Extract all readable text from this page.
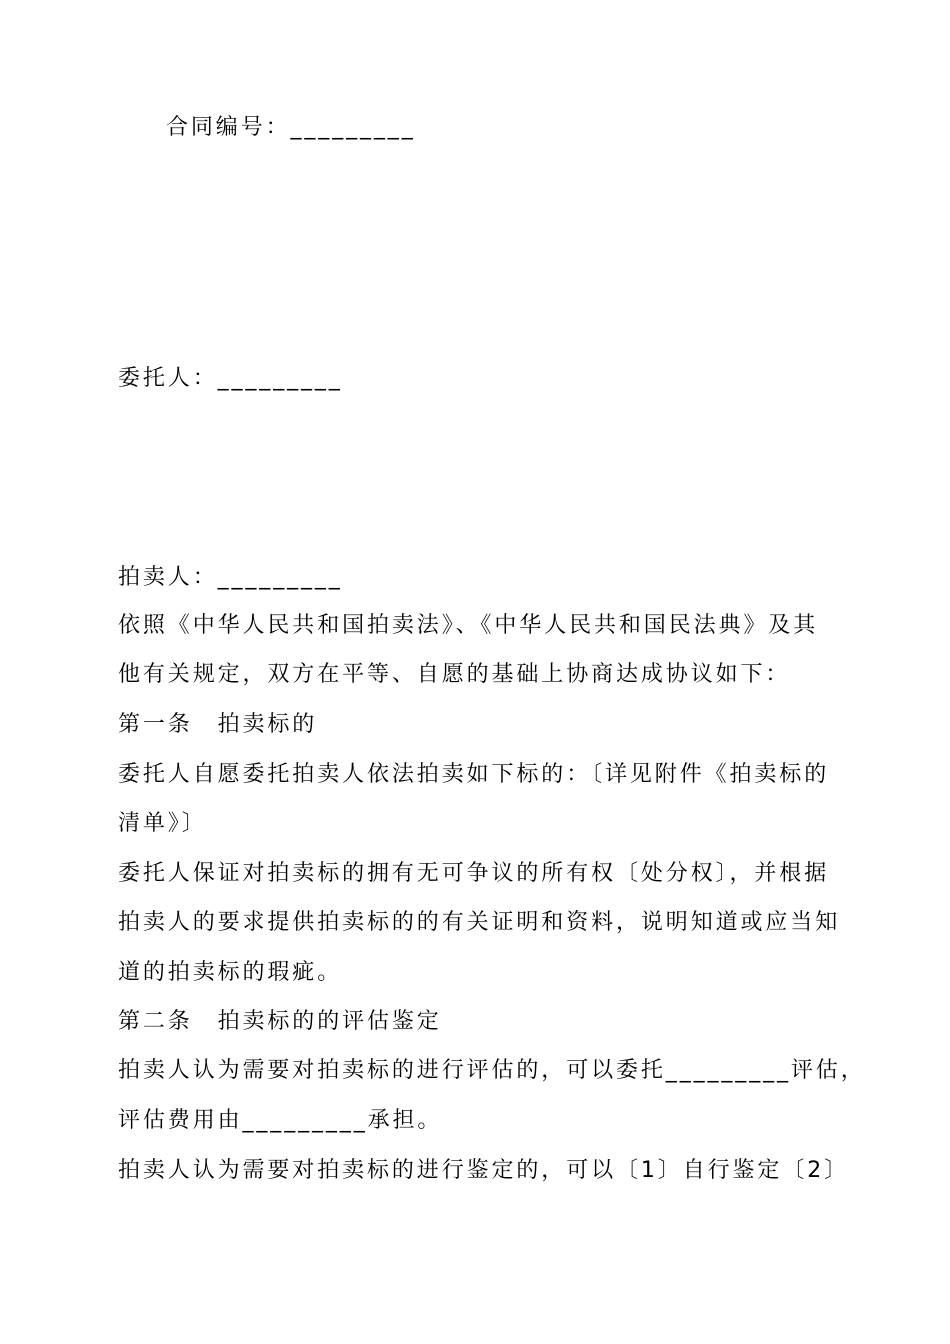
合同编号：_________
委托人：_________
拍卖人：_________
依照《中华人民共和国拍卖法》、《中华人民共和国民法典》及其
他有关规定，双方在平等、自愿的基础上协商达成协议如下：
第一条　拍卖标的
委托人自愿委托拍卖人依法拍卖如下标的：〔详见附件《拍卖标的
清单》〕
委托人保证对拍卖标的拥有无可争议的所有权〔处分权〕，并根据
拍卖人的要求提供拍卖标的的有关证明和资料，说明知道或应当知
道的拍卖标的瑕疵。
第二条　拍卖标的的评估鉴定
拍卖人认为需要对拍卖标的进行评估的，可以委托_________评估，
评估费用由_________承担。
拍卖人认为需要对拍卖标的进行鉴定的，可以〔1〕自行鉴定〔2〕
